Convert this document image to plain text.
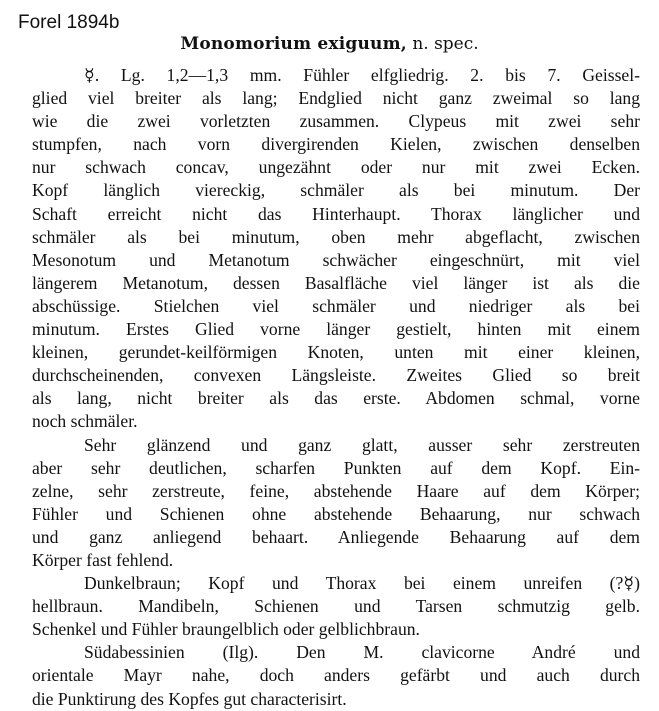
Forel 1894b
Monomorium exiguum, n. spec.
☿. Lg. 1,2—1,3 mm. Fühler elfgliedrig. 2. bis 7. Geissel-
glied viel breiter als lang; Endglied nicht ganz zweimal so lang
wie die zwei vorletzten zusammen. Clypeus mit zwei sehr
stumpfen, nach vorn divergirenden Kielen, zwischen denselben
nur schwach concav, ungezähnt oder nur mit zwei Ecken.
Kopf länglich viereckig, schmäler als bei minutum. Der
Schaft erreicht nicht das Hinterhaupt. Thorax länglicher und
schmäler als bei minutum, oben mehr abgeflacht, zwischen
Mesonotum und Metanotum schwächer eingeschnürt, mit viel
längerem Metanotum, dessen Basalfläche viel länger ist als die
abschüssige. Stielchen viel schmäler und niedriger als bei
minutum. Erstes Glied vorne länger gestielt, hinten mit einem
kleinen, gerundet-keilförmigen Knoten, unten mit einer kleinen,
durchscheinenden, convexen Längsleiste. Zweites Glied so breit
als lang, nicht breiter als das erste. Abdomen schmal, vorne
noch schmäler.
Sehr glänzend und ganz glatt, ausser sehr zerstreuten
aber sehr deutlichen, scharfen Punkten auf dem Kopf. Ein-
zelne, sehr zerstreute, feine, abstehende Haare auf dem Körper;
Fühler und Schienen ohne abstehende Behaarung, nur schwach
und ganz anliegend behaart. Anliegende Behaarung auf dem
Körper fast fehlend.
Dunkelbraun; Kopf und Thorax bei einem unreifen (?☿)
hellbraun. Mandibeln, Schienen und Tarsen schmutzig gelb.
Schenkel und Fühler braungelblich oder gelblichbraun.
Südabessinien (Ilg). Den M. clavicorne André und
orientale Mayr nahe, doch anders gefärbt und auch durch
die Punktirung des Kopfes gut characterisirt.
